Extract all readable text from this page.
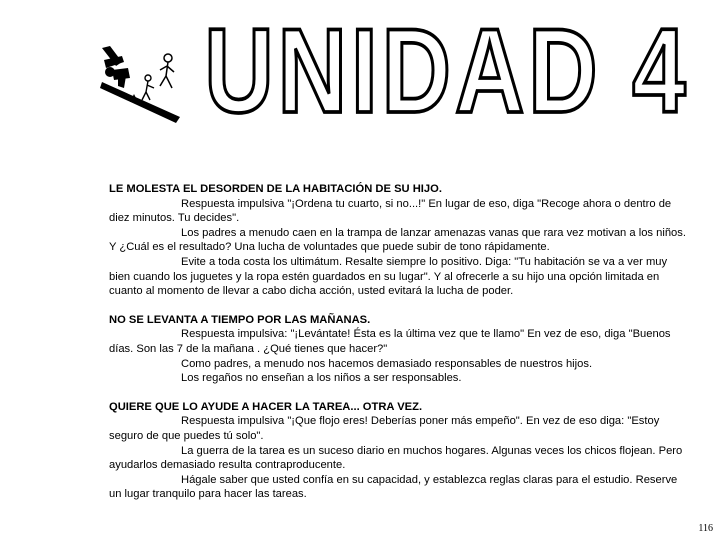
UNIDAD 4
LE MOLESTA EL DESORDEN DE LA HABITACIÓN DE SU HIJO.

Respuesta impulsiva "¡Ordena tu cuarto, si no...!" En lugar de eso, diga "Recoge ahora o dentro de diez minutos. Tu decides".

Los padres a menudo caen en la trampa de lanzar amenazas vanas que rara vez motivan a los niños. Y ¿Cuál es el resultado? Una lucha de voluntades que puede subir de tono rápidamente.

Evite a toda costa los ultimátum. Resalte siempre lo positivo. Diga: "Tu habitación se va a ver muy bien cuando los juguetes y la ropa estén guardados en su lugar". Y al ofrecerle a su hijo una opción limitada en cuanto al momento de llevar a cabo dicha acción, usted evitará la lucha de poder.

NO SE LEVANTA A TIEMPO POR LAS MAÑANAS.

Respuesta impulsiva: "¡Levántate! Ésta es la última vez que te llamo" En vez de eso, diga "Buenos días. Son las 7 de la mañana . ¿Qué tienes que hacer?"

Como padres, a menudo nos hacemos demasiado responsables de nuestros hijos.

Los regaños no enseñan a los niños a ser responsables.

QUIERE QUE LO AYUDE A HACER LA TAREA... OTRA VEZ.

Respuesta impulsiva "¡Que flojo eres! Deberías poner más empeño". En vez de eso diga: "Estoy seguro de que puedes tú solo".

La guerra de la tarea es un suceso diario en muchos hogares. Algunas veces los chicos flojean. Pero ayudarlos demasiado resulta contraproducente.

Hágale saber que usted confía en su capacidad, y establezca reglas claras para el estudio. Reserve un lugar tranquilo para hacer las tareas.

116
